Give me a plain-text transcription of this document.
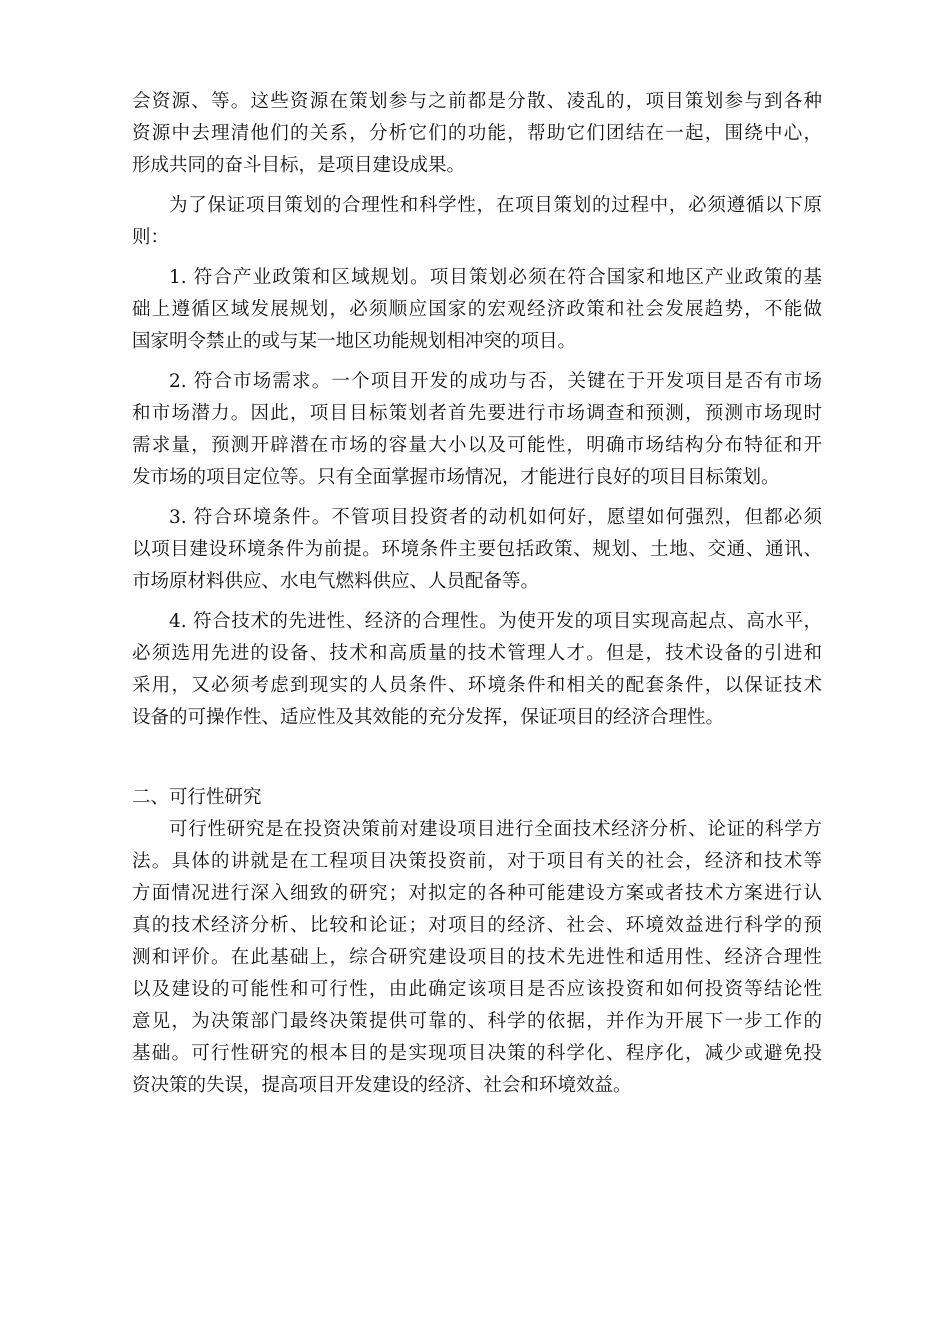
会资源、等。这些资源在策划参与之前都是分散、凌乱的，项目策划参与到各种
资源中去理清他们的关系，分析它们的功能，帮助它们团结在一起，围绕中心，
形成共同的奋斗目标，是项目建设成果。
为了保证项目策划的合理性和科学性，在项目策划的过程中，必须遵循以下原
则：
1. 符合产业政策和区域规划。项目策划必须在符合国家和地区产业政策的基
础上遵循区域发展规划，必须顺应国家的宏观经济政策和社会发展趋势，不能做
国家明令禁止的或与某一地区功能规划相冲突的项目。
2. 符合市场需求。一个项目开发的成功与否，关键在于开发项目是否有市场
和市场潜力。因此，项目目标策划者首先要进行市场调查和预测，预测市场现时
需求量，预测开辟潜在市场的容量大小以及可能性，明确市场结构分布特征和开
发市场的项目定位等。只有全面掌握市场情况，才能进行良好的项目目标策划。
3. 符合环境条件。不管项目投资者的动机如何好，愿望如何强烈，但都必须
以项目建设环境条件为前提。环境条件主要包括政策、规划、土地、交通、通讯、
市场原材料供应、水电气燃料供应、人员配备等。
4. 符合技术的先进性、经济的合理性。为使开发的项目实现高起点、高水平，
必须选用先进的设备、技术和高质量的技术管理人才。但是，技术设备的引进和
采用，又必须考虑到现实的人员条件、环境条件和相关的配套条件，以保证技术
设备的可操作性、适应性及其效能的充分发挥，保证项目的经济合理性。
二、可行性研究
可行性研究是在投资决策前对建设项目进行全面技术经济分析、论证的科学方
法。具体的讲就是在工程项目决策投资前，对于项目有关的社会，经济和技术等
方面情况进行深入细致的研究；对拟定的各种可能建设方案或者技术方案进行认
真的技术经济分析、比较和论证；对项目的经济、社会、环境效益进行科学的预
测和评价。在此基础上，综合研究建设项目的技术先进性和适用性、经济合理性
以及建设的可能性和可行性，由此确定该项目是否应该投资和如何投资等结论性
意见，为决策部门最终决策提供可靠的、科学的依据，并作为开展下一步工作的
基础。可行性研究的根本目的是实现项目决策的科学化、程序化，减少或避免投
资决策的失误，提高项目开发建设的经济、社会和环境效益。
